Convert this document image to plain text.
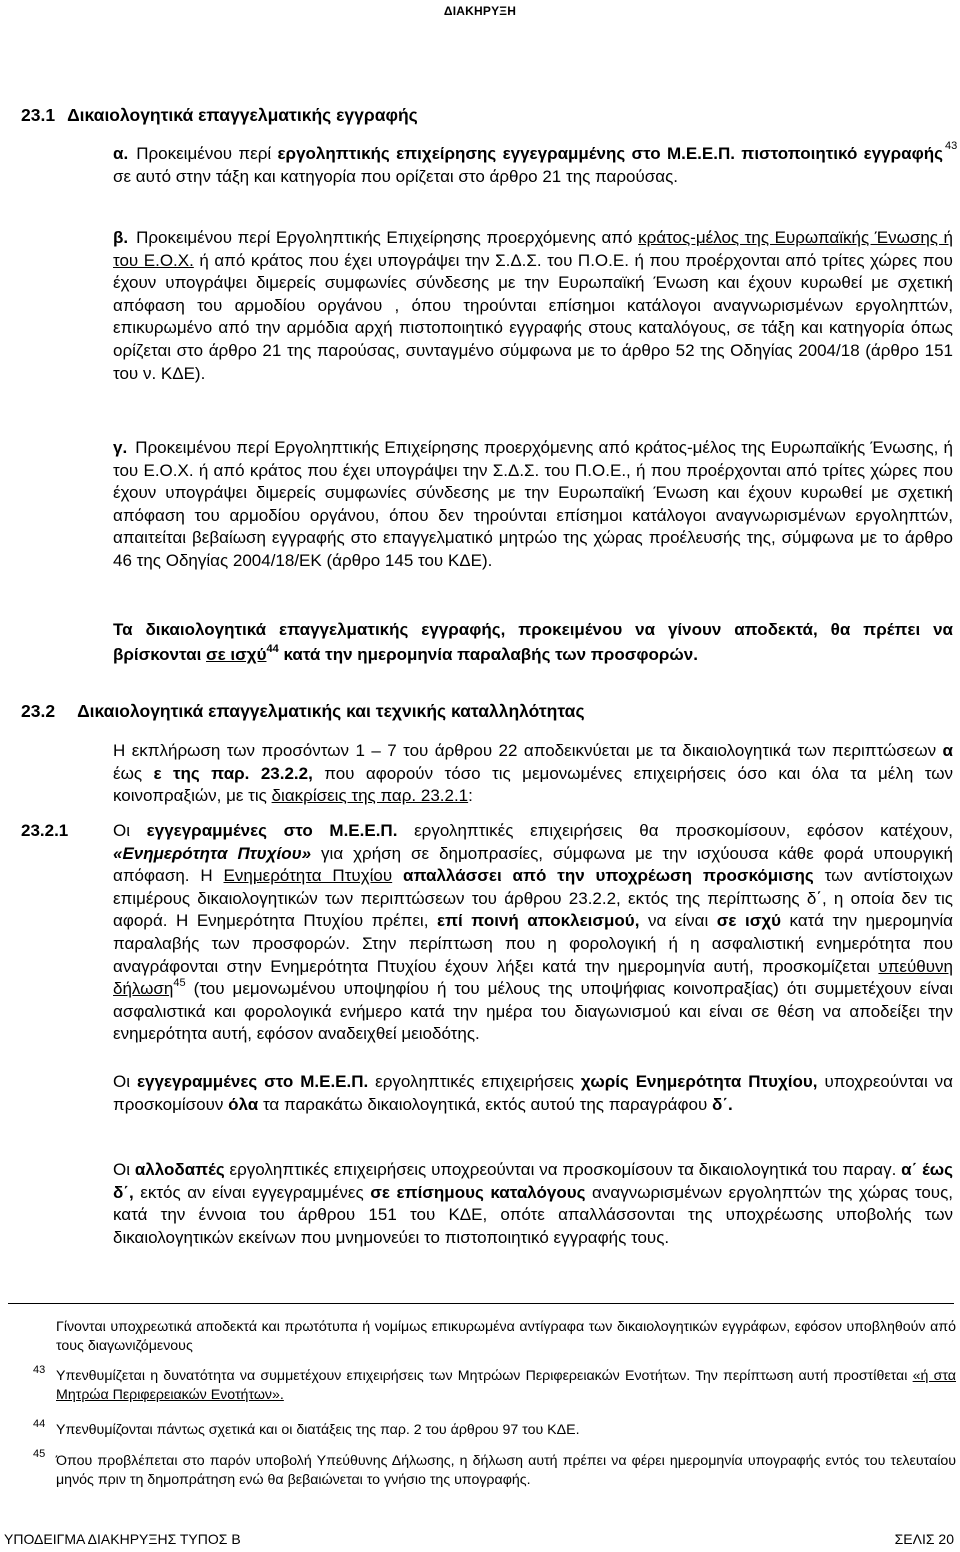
ΔΙΑΚΗΡΥΞΗ
23.1 Δικαιολογητικά επαγγελματικής εγγραφής
α. Προκειμένου περί εργοληπτικής επιχείρησης εγγεγραμμένης στο Μ.Ε.Ε.Π. πιστοποιητικό εγγραφής σε αυτό στην τάξη και κατηγορία που ορίζεται στο άρθρο 21 της παρούσας.
43
β. Προκειμένου περί Εργοληπτικής Επιχείρησης προερχόμενης από κράτος-μέλος της Ευρωπαϊκής Ένωσης ή του Ε.Ο.Χ. ή από κράτος που έχει υπογράψει την Σ.Δ.Σ. του Π.Ο.Ε. ή που προέρχονται από τρίτες χώρες που έχουν υπογράψει διμερείς συμφωνίες σύνδεσης με την Ευρωπαϊκή Ένωση και έχουν κυρωθεί με σχετική απόφαση του αρμοδίου οργάνου , όπου τηρούνται επίσημοι κατάλογοι αναγνωρισμένων εργοληπτών, επικυρωμένο από την αρμόδια αρχή πιστοποιητικό εγγραφής στους καταλόγους, σε τάξη και κατηγορία όπως ορίζεται στο άρθρο 21 της παρούσας, συνταγμένο σύμφωνα με το άρθρο 52 της Οδηγίας 2004/18 (άρθρο 151 του ν. ΚΔΕ).
γ. Προκειμένου περί Εργοληπτικής Επιχείρησης προερχόμενης από κράτος-μέλος της Ευρωπαϊκής Ένωσης, ή του Ε.Ο.Χ. ή από κράτος που έχει υπογράψει την Σ.Δ.Σ. του Π.Ο.Ε., ή που προέρχονται από τρίτες χώρες που έχουν υπογράψει διμερείς συμφωνίες σύνδεσης με την Ευρωπαϊκή Ένωση και έχουν κυρωθεί με σχετική απόφαση του αρμοδίου οργάνου, όπου δεν τηρούνται επίσημοι κατάλογοι αναγνωρισμένων εργοληπτών, απαιτείται βεβαίωση εγγραφής στο επαγγελματικό μητρώο της χώρας προέλευσής της, σύμφωνα με το άρθρο 46 της Οδηγίας 2004/18/ΕΚ (άρθρο 145 του ΚΔΕ).
Τα δικαιολογητικά επαγγελματικής εγγραφής, προκειμένου να γίνουν αποδεκτά, θα πρέπει να βρίσκονται σε ισχύ$^{44}$ κατά την ημερομηνία παραλαβής των προσφορών.
23.2 Δικαιολογητικά επαγγελματικής και τεχνικής καταλληλότητας
Η εκπλήρωση των προσόντων 1 – 7 του άρθρου 22 αποδεικνύεται με τα δικαιολογητικά των περιπτώσεων α έως ε της παρ. 23.2.2, που αφορούν τόσο τις μεμονωμένες επιχειρήσεις όσο και όλα τα μέλη των κοινοπραξιών, με τις διακρίσεις της παρ. 23.2.1:
23.2.1	Οι εγγεγραμμένες στο Μ.Ε.Ε.Π. εργοληπτικές επιχειρήσεις θα προσκομίσουν, εφόσον κατέχουν, «Ενημερότητα Πτυχίου» για χρήση σε δημοπρασίες, σύμφωνα με την ισχύουσα κάθε φορά υπουργική απόφαση. Η Ενημερότητα Πτυχίου απαλλάσσει από την υποχρέωση προσκόμισης των αντίστοιχων επιμέρους δικαιολογητικών των περιπτώσεων του άρθρου 23.2.2, εκτός της περίπτωσης δ΄, η οποία δεν τις αφορά. Η Ενημερότητα Πτυχίου πρέπει, επί ποινή αποκλεισμού, να είναι σε ισχύ κατά την ημερομηνία παραλαβής των προσφορών. Στην περίπτωση που η φορολογική ή η ασφαλιστική ενημερότητα που αναγράφονται στην Ενημερότητα Πτυχίου έχουν λήξει κατά την ημερομηνία αυτή, προσκομίζεται υπεύθυνη δήλωση$^{45}$ (του μεμονωμένου υποψηφίου ή του μέλους της υποψήφιας κοινοπραξίας) ότι συμμετέχουν είναι ασφαλιστικά και φορολογικά ενήμερο κατά την ημέρα του διαγωνισμού και είναι σε θέση να αποδείξει την ενημερότητα αυτή, εφόσον αναδειχθεί μειοδότης.
Οι εγγεγραμμένες στο Μ.Ε.Ε.Π. εργοληπτικές επιχειρήσεις χωρίς Ενημερότητα Πτυχίου, υποχρεούνται να προσκομίσουν όλα τα παρακάτω δικαιολογητικά, εκτός αυτού της παραγράφου δ΄.
Οι αλλοδαπές εργοληπτικές επιχειρήσεις υποχρεούνται να προσκομίσουν τα δικαιολογητικά του παραγ. α΄ έως δ΄, εκτός αν είναι εγγεγραμμένες σε επίσημους καταλόγους αναγνωρισμένων εργοληπτών της χώρας τους, κατά την έννοια του άρθρου 151 του ΚΔΕ, οπότε απαλλάσσονται της υποχρέωσης υποβολής των δικαιολογητικών εκείνων που μνημονεύει το πιστοποιητικό εγγραφής τους.
Γίνονται υποχρεωτικά αποδεκτά και πρωτότυπα ή νομίμως επικυρωμένα αντίγραφα των δικαιολογητικών εγγράφων, εφόσον υποβληθούν από τους διαγωνιζόμενους
43 Υπενθυμίζεται η δυνατότητα να συμμετέχουν επιχειρήσεις των Μητρώων Περιφερειακών Ενοτήτων. Την περίπτωση αυτή προστίθεται «ή στα Μητρώα Περιφερειακών Ενοτήτων».
44 Υπενθυμίζονται πάντως σχετικά και οι διατάξεις της παρ. 2 του άρθρου 97 του ΚΔΕ.
45 Όπου προβλέπεται στο παρόν υποβολή Υπεύθυνης Δήλωσης, η δήλωση αυτή πρέπει να φέρει ημερομηνία υπογραφής εντός του τελευταίου μηνός πριν τη δημοπράτηση ενώ θα βεβαιώνεται το γνήσιο της υπογραφής.
ΥΠΟΔΕΙΓΜΑ ΔΙΑΚΗΡΥΞΗΣ ΤΥΠΟΣ Β	ΣΕΛΙΣ 20
